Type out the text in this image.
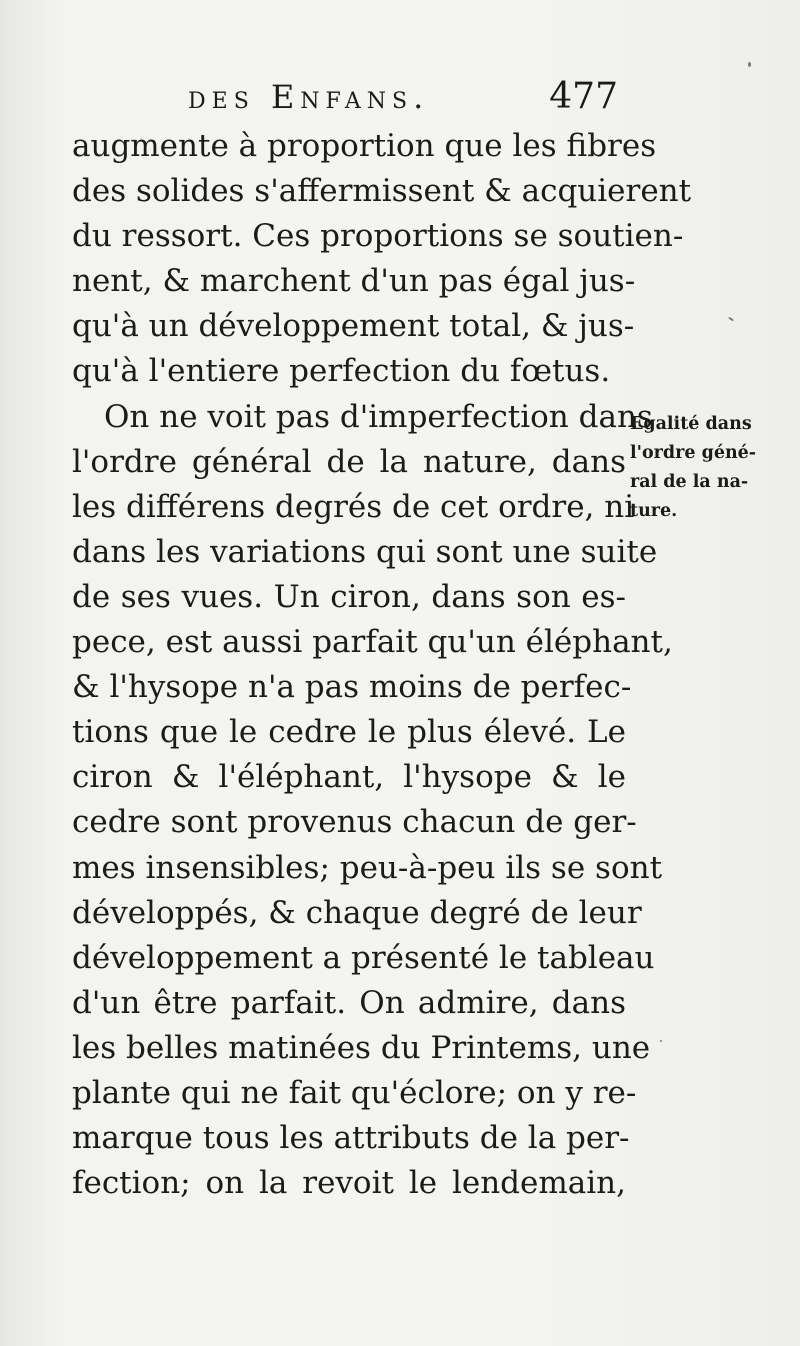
des Enfans.	477
augmente à proportion que les fibres
des solides s'affermissent & acquierent
du ressort. Ces proportions se soutien-
nent, & marchent d'un pas égal jus-
qu'à un développement total, & jus-
qu'à l'entiere perfection du fœtus.
On ne voit pas d'imperfection dans
l'ordre général de la nature, dans
les différens degrés de cet ordre, ni
dans les variations qui sont une suite
de ses vues. Un ciron, dans son es-
pece, est aussi parfait qu'un éléphant,
& l'hysope n'a pas moins de perfec-
tions que le cedre le plus élevé. Le
ciron & l'éléphant, l'hysope & le
cedre sont provenus chacun de ger-
mes insensibles; peu-à-peu ils se sont
développés, & chaque degré de leur
développement a présenté le tableau
d'un être parfait. On admire, dans
les belles matinées du Printems, une
plante qui ne fait qu'éclore; on y re-
marque tous les attributs de la per-
fection; on la revoit le lendemain,
Egalité dans
l'ordre géné-
ral de la na-
ture.
